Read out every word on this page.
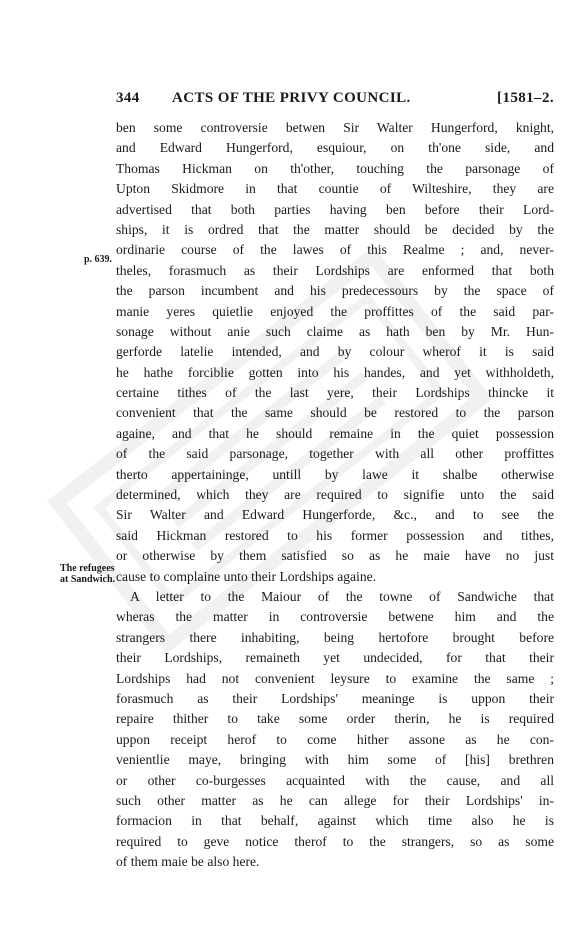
344 ACTS OF THE PRIVY COUNCIL.	[1581–2.
p. 639.
The refugees
at Sandwich.
ben some controversie betwen Sir Walter Hungerford, knight,
and Edward Hungerford, esquiour, on th'one side, and
Thomas Hickman on th'other, touching the parsonage of
Upton Skidmore in that countie of Wilteshire, they are
advertised that both parties having ben before their Lord-
ships, it is ordred that the matter should be decided by the
ordinarie course of the lawes of this Realme ; and, never-
theles, forasmuch as their Lordships are enformed that both
the parson incumbent and his predecessours by the space of
manie yeres quietlie enjoyed the proffittes of the said par-
sonage without anie such claime as hath ben by Mr. Hun-
gerforde latelie intended, and by colour wherof it is said
he hathe forciblie gotten into his handes, and yet withholdeth,
certaine tithes of the last yere, their Lordships thincke it
convenient that the same should be restored to the parson
againe, and that he should remaine in the quiet possession
of the said parsonage, together with all other proffittes
therto appertaininge, untill by lawe it shalbe otherwise
determined, which they are required to signifie unto the said
Sir Walter and Edward Hungerforde, &c., and to see the
said Hickman restored to his former possession and tithes,
or otherwise by them satisfied so as he maie have no just
cause to complaine unto their Lordships againe.
A letter to the Maiour of the towne of Sandwiche that
wheras the matter in controversie betwene him and the
strangers there inhabiting, being hertofore brought before
their Lordships, remaineth yet undecided, for that their
Lordships had not convenient leysure to examine the same ;
forasmuch as their Lordships' meaninge is uppon their
repaire thither to take some order therin, he is required
uppon receipt herof to come hither assone as he con-
venientlie maye, bringing with him some of [his] brethren
or other co-burgesses acquainted with the cause, and all
such other matter as he can allege for their Lordships' in-
formacion in that behalf, against which time also he is
required to geve notice therof to the strangers, so as some
of them maie be also here.
